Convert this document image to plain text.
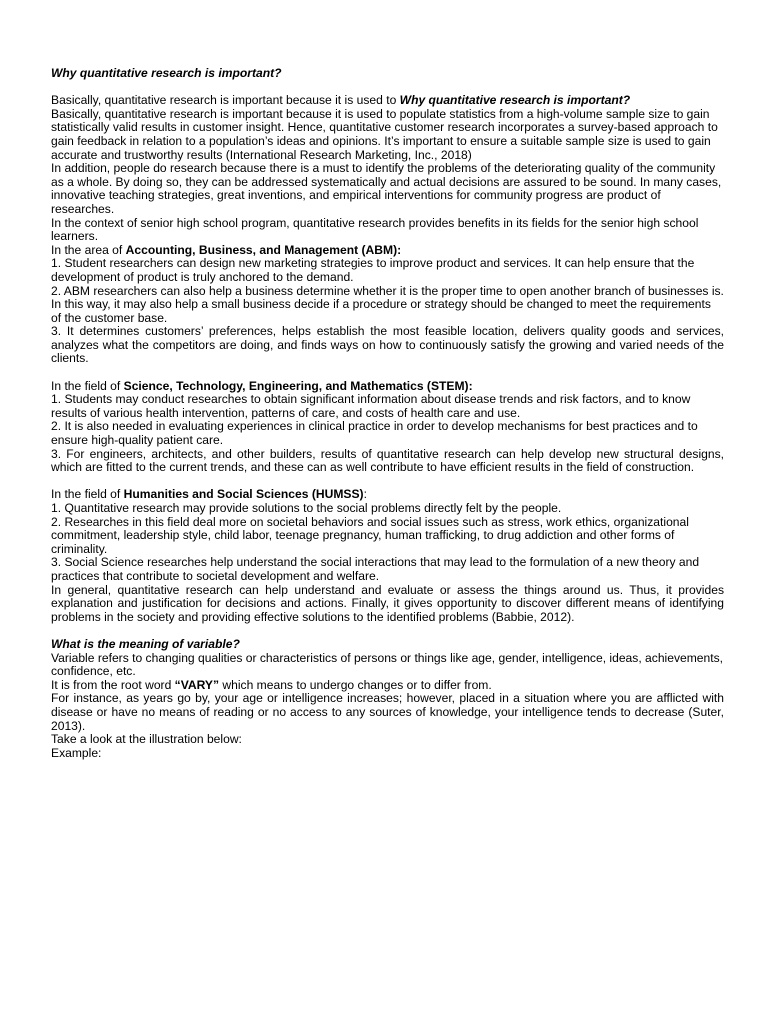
Why quantitative research is important?

Basically, quantitative research is important because it is used to Why quantitative research is important?

Basically, quantitative research is important because it is used to populate statistics from a high-volume sample size to gain statistically valid results in customer insight. Hence, quantitative customer research incorporates a survey-based approach to gain feedback in relation to a population’s ideas and opinions. It’s important to ensure a suitable sample size is used to gain accurate and trustworthy results (International Research Marketing, Inc., 2018)

In addition, people do research because there is a must to identify the problems of the deteriorating quality of the community as a whole. By doing so, they can be addressed systematically and actual decisions are assured to be sound. In many cases, innovative teaching strategies, great inventions, and empirical interventions for community progress are product of researches.

In the context of senior high school program, quantitative research provides benefits in its fields for the senior high school learners.

In the area of Accounting, Business, and Management (ABM):

1. Student researchers can design new marketing strategies to improve product and services. It can help ensure that the development of product is truly anchored to the demand.

2. ABM researchers can also help a business determine whether it is the proper time to open another branch of businesses is. In this way, it may also help a small business decide if a procedure or strategy should be changed to meet the requirements of the customer base.

3. It determines customers’ preferences, helps establish the most feasible location, delivers quality goods and services, analyzes what the competitors are doing, and finds ways on how to continuously satisfy the growing and varied needs of the clients.

In the field of Science, Technology, Engineering, and Mathematics (STEM):

1. Students may conduct researches to obtain significant information about disease trends and risk factors, and to know results of various health intervention, patterns of care, and costs of health care and use.

2. It is also needed in evaluating experiences in clinical practice in order to develop mechanisms for best practices and to ensure high-quality patient care.

3. For engineers, architects, and other builders, results of quantitative research can help develop new structural designs, which are fitted to the current trends, and these can as well contribute to have efficient results in the field of construction.

In the field of Humanities and Social Sciences (HUMSS):

1. Quantitative research may provide solutions to the social problems directly felt by the people.

2. Researches in this field deal more on societal behaviors and social issues such as stress, work ethics, organizational commitment, leadership style, child labor, teenage pregnancy, human trafficking, to drug addiction and other forms of criminality.

3. Social Science researches help understand the social interactions that may lead to the formulation of a new theory and practices that contribute to societal development and welfare.

In general, quantitative research can help understand and evaluate or assess the things around us. Thus, it provides explanation and justification for decisions and actions. Finally, it gives opportunity to discover different means of identifying problems in the society and providing effective solutions to the identified problems (Babbie, 2012).

What is the meaning of variable?

Variable refers to changing qualities or characteristics of persons or things like age, gender, intelligence, ideas, achievements, confidence, etc.

It is from the root word “VARY” which means to undergo changes or to differ from.

For instance, as years go by, your age or intelligence increases; however, placed in a situation where you are afflicted with disease or have no means of reading or no access to any sources of knowledge, your intelligence tends to decrease (Suter, 2013).

Take a look at the illustration below:

Example:
